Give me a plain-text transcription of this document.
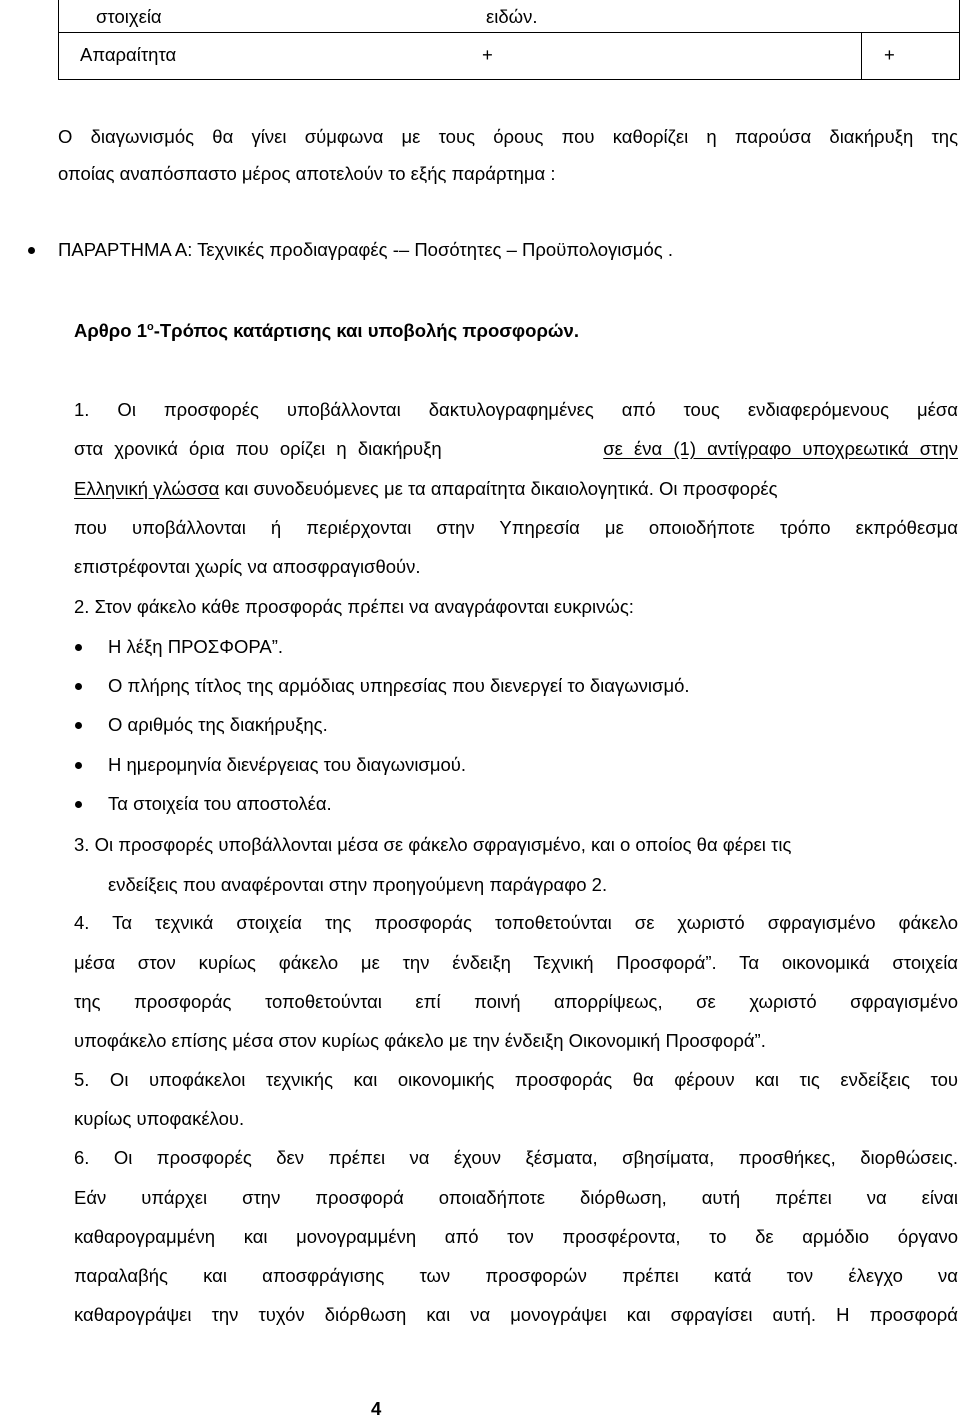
στοιχεία	ειδών.
Απαραίτητα	+	+
Ο διαγωνισμός θα γίνει σύμφωνα με τους όρους που καθορίζει η παρούσα διακήρυξη της
οποίας αναπόσπαστο μέρος αποτελούν το εξής παράρτημα :
ΠΑΡΑΡΤΗΜΑ Α: Τεχνικές προδιαγραφές -– Ποσότητες – Προϋπολογισμός .
Αρθρο $1^o$-Τρόπος κατάρτισης και υποβολής προσφορών.
1. Οι προσφορές υποβάλλονται δακτυλογραφημένες από τους ενδιαφερόμενους μέσα
στα χρονικά όρια που ορίζει η διακήρυξη	σε ένα (1) αντίγραφο υποχρεωτικά στην
Ελληνική γλώσσα και συνοδευόμενες με τα απαραίτητα δικαιολογητικά. Οι προσφορές
που υποβάλλονται ή περιέρχονται στην Υπηρεσία με οποιοδήποτε τρόπο εκπρόθεσμα
επιστρέφονται χωρίς να αποσφραγισθούν.
2. Στον φάκελο κάθε προσφοράς πρέπει να αναγράφονται ευκρινώς:
Η λέξη ΠΡΟΣΦΟΡΑ”.
Ο πλήρης τίτλος της αρμόδιας υπηρεσίας που διενεργεί το διαγωνισμό.
Ο αριθμός της διακήρυξης.
Η ημερομηνία διενέργειας του διαγωνισμού.
Τα στοιχεία του αποστολέα.
3. Οι προσφορές υποβάλλονται μέσα σε φάκελο σφραγισμένο, και ο οποίος θα φέρει τις
ενδείξεις που αναφέρονται στην προηγούμενη παράγραφο 2.
4. Τα τεχνικά στοιχεία της προσφοράς τοποθετούνται σε χωριστό σφραγισμένο φάκελο
μέσα στον κυρίως φάκελο με την ένδειξη Τεχνική Προσφορά”. Τα οικονομικά στοιχεία
της προσφοράς τοποθετούνται επί ποινή απορρίψεως, σε χωριστό σφραγισμένο
υποφάκελο επίσης μέσα στον κυρίως φάκελο με την ένδειξη Οικονομική Προσφορά”.
5. Οι υποφάκελοι τεχνικής και οικονομικής προσφοράς θα φέρουν και τις ενδείξεις του
κυρίως υποφακέλου.
6. Οι προσφορές δεν πρέπει να έχουν ξέσματα, σβησίματα, προσθήκες, διορθώσεις.
Εάν υπάρχει στην προσφορά οποιαδήποτε διόρθωση, αυτή πρέπει να είναι
καθαρογραμμένη και μονογραμμένη από τον προσφέροντα, το δε αρμόδιο όργανο
παραλαβής και αποσφράγισης των προσφορών πρέπει κατά τον έλεγχο να
καθαρογράψει την τυχόν διόρθωση και να μονογράψει και σφραγίσει αυτή. Η προσφορά
4
